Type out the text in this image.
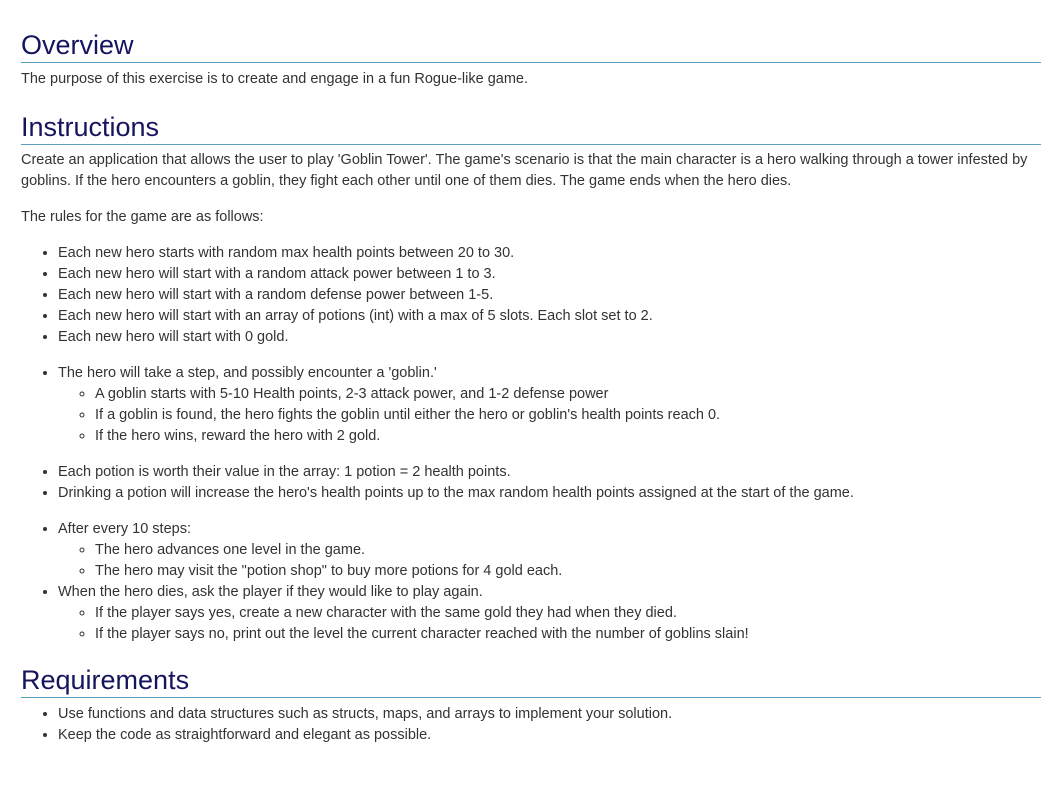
Overview

The purpose of this exercise is to create and engage in a fun Rogue-like game.

Instructions

Create an application that allows the user to play 'Goblin Tower'. The game's scenario is that the main character is a hero walking through a tower infested by goblins. If the hero encounters a goblin, they fight each other until one of them dies. The game ends when the hero dies.

The rules for the game are as follows:

• Each new hero starts with random max health points between 20 to 30.
• Each new hero will start with a random attack power between 1 to 3.
• Each new hero will start with a random defense power between 1-5.
• Each new hero will start with an array of potions (int) with a max of 5 slots. Each slot set to 2.
• Each new hero will start with 0 gold.
• The hero will take a step, and possibly encounter a 'goblin.'
◦ A goblin starts with 5-10 Health points, 2-3 attack power, and 1-2 defense power
◦ If a goblin is found, the hero fights the goblin until either the hero or goblin's health points reach 0.
◦ If the hero wins, reward the hero with 2 gold.
• Each potion is worth their value in the array: 1 potion = 2 health points.
• Drinking a potion will increase the hero's health points up to the max random health points assigned at the start of the game.
• After every 10 steps:
◦ The hero advances one level in the game.
◦ The hero may visit the "potion shop" to buy more potions for 4 gold each.
• When the hero dies, ask the player if they would like to play again.
◦ If the player says yes, create a new character with the same gold they had when they died.
◦ If the player says no, print out the level the current character reached with the number of goblins slain!
Requirements
• Use functions and data structures such as structs, maps, and arrays to implement your solution.
• Keep the code as straightforward and elegant as possible.
